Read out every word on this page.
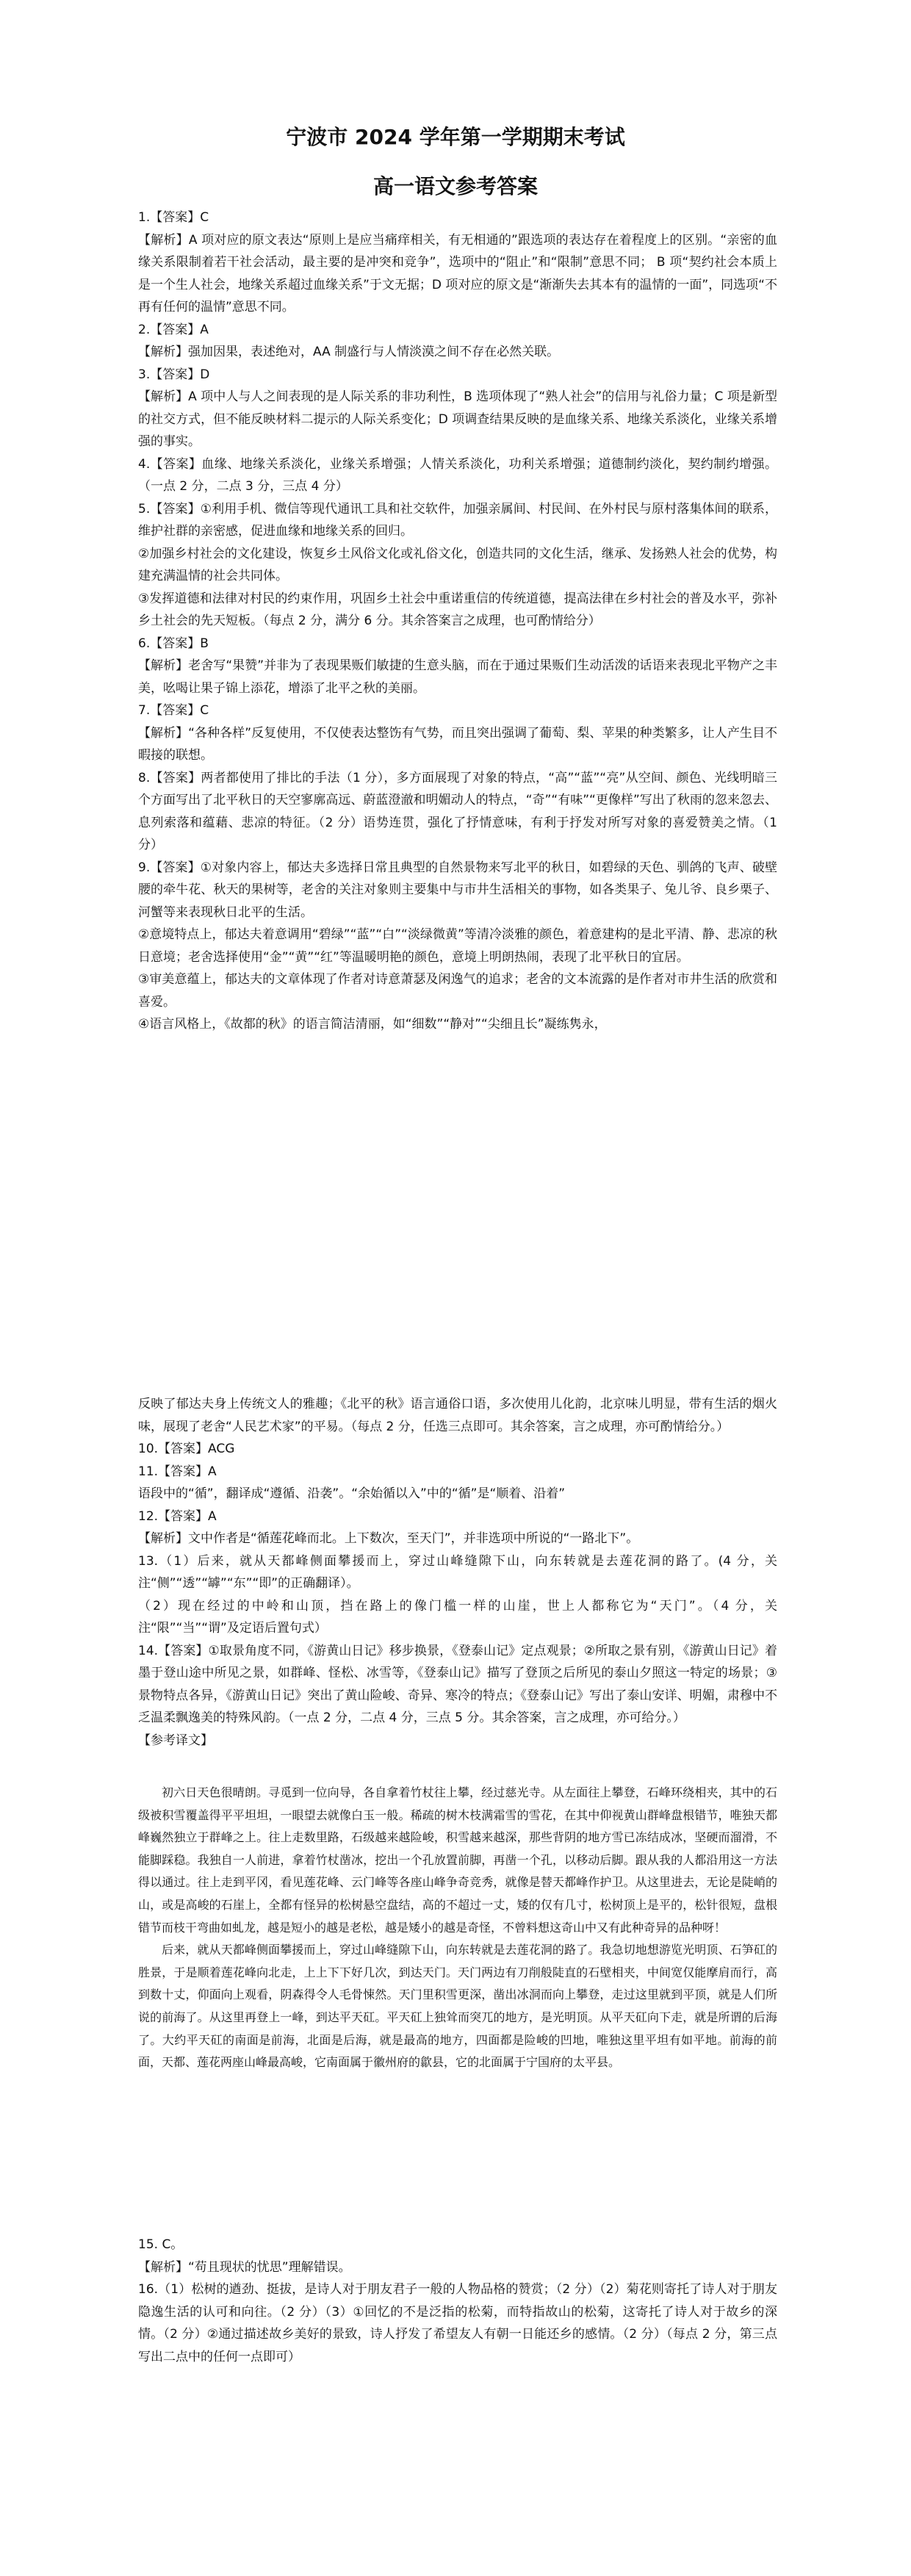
宁波市 2024 学年第一学期期末考试
高一语文参考答案

1.【答案】C

【解析】A 项对应的原文表达“原则上是应当痛痒相关，有无相通的”跟选项的表达存在着程度上的区别。“亲密的血缘关系限制着若干社会活动，最主要的是冲突和竞争”，选项中的“阻止”和“限制”意思不同； B 项“契约社会本质上是一个生人社会，地缘关系超过血缘关系”于文无据；D 项对应的原文是“渐渐失去其本有的温情的一面”，同选项“不再有任何的温情”意思不同。

2.【答案】A

【解析】强加因果，表述绝对，AA 制盛行与人情淡漠之间不存在必然关联。

3.【答案】D

【解析】A 项中人与人之间表现的是人际关系的非功利性，B 选项体现了“熟人社会”的信用与礼俗力量；C 项是新型的社交方式，但不能反映材料二提示的人际关系变化；D 项调查结果反映的是血缘关系、地缘关系淡化，业缘关系增强的事实。

4.【答案】血缘、地缘关系淡化，业缘关系增强；人情关系淡化，功利关系增强；道德制约淡化，契约制约增强。（一点 2 分，二点 3 分，三点 4 分）

5.【答案】①利用手机、微信等现代通讯工具和社交软件，加强亲属间、村民间、在外村民与原村落集体间的联系，维护社群的亲密感，促进血缘和地缘关系的回归。

②加强乡村社会的文化建设，恢复乡土风俗文化或礼俗文化，创造共同的文化生活，继承、发扬熟人社会的优势，构建充满温情的社会共同体。

③发挥道德和法律对村民的约束作用，巩固乡土社会中重诺重信的传统道德，提高法律在乡村社会的普及水平，弥补乡土社会的先天短板。（每点 2 分，满分 6 分。其余答案言之成理，也可酌情给分）

6.【答案】B

【解析】老舍写“果赞”并非为了表现果贩们敏捷的生意头脑，而在于通过果贩们生动活泼的话语来表现北平物产之丰美，吆喝让果子锦上添花，增添了北平之秋的美丽。

7.【答案】C

【解析】“各种各样”反复使用，不仅使表达整饬有气势，而且突出强调了葡萄、梨、苹果的种类繁多，让人产生目不暇接的联想。

8.【答案】两者都使用了排比的手法（1 分），多方面展现了对象的特点，“高”“蓝”“亮”从空间、颜色、光线明暗三个方面写出了北平秋日的天空寥廓高远、蔚蓝澄澈和明媚动人的特点，“奇”“有味”“更像样”写出了秋雨的忽来忽去、息列索落和蕴藉、悲凉的特征。（2 分）语势连贯，强化了抒情意味，有利于抒发对所写对象的喜爱赞美之情。（1 分）

9.【答案】①对象内容上，郁达夫多选择日常且典型的自然景物来写北平的秋日，如碧绿的天色、驯鸽的飞声、破壁腰的牵牛花、秋天的果树等，老舍的关注对象则主要集中与市井生活相关的事物，如各类果子、兔儿爷、良乡栗子、河蟹等来表现秋日北平的生活。

②意境特点上，郁达夫着意调用“碧绿”“蓝”“白”“淡绿微黄”等清冷淡雅的颜色，着意建构的是北平清、静、悲凉的秋日意境；老舍选择使用“金”“黄”“红”等温暖明艳的颜色，意境上明朗热闹，表现了北平秋日的宜居。

③审美意蕴上，郁达夫的文章体现了作者对诗意萧瑟及闲逸气的追求；老舍的文本流露的是作者对市井生活的欣赏和喜爱。

④语言风格上，《故都的秋》的语言简洁清丽，如“细数”“静对”“尖细且长”凝练隽永，

反映了郁达夫身上传统文人的雅趣；《北平的秋》语言通俗口语，多次使用儿化韵，北京味儿明显，带有生活的烟火味，展现了老舍“人民艺术家”的平易。（每点 2 分，任选三点即可。其余答案，言之成理，亦可酌情给分。）

10.【答案】ACG

11.【答案】A

语段中的“循”，翻译成“遵循、沿袭”。“余始循以入”中的“循”是“顺着、沿着”

12.【答案】A

【解析】文中作者是“循莲花峰而北。上下数次，至天门”，并非选项中所说的“一路北下”。

13.（1）后来，就从天都峰侧面攀援而上，穿过山峰缝隙下山，向东转就是去莲花洞的路了。(4 分，关注“侧”“透”“罅”“东”“即”的正确翻译）。

（2）现在经过的中岭和山顶，挡在路上的像门槛一样的山崖，世上人都称它为“天门”。（4 分，关注“限”“当”“谓”及定语后置句式）

14.【答案】①取景角度不同，《游黄山日记》移步换景，《登泰山记》定点观景；②所取之景有别，《游黄山日记》着墨于登山途中所见之景，如群峰、怪松、冰雪等，《登泰山记》描写了登顶之后所见的泰山夕照这一特定的场景；③景物特点各异，《游黄山日记》突出了黄山险峻、奇异、寒冷的特点；《登泰山记》写出了泰山安详、明媚，肃穆中不乏温柔飘逸美的特殊风韵。（一点 2 分，二点 4 分，三点 5 分。其余答案，言之成理，亦可给分。）

【参考译文】

初六日天色很晴朗。寻觅到一位向导，各自拿着竹杖往上攀，经过慈光寺。从左面往上攀登，石峰环绕相夹，其中的石级被积雪覆盖得平平坦坦，一眼望去就像白玉一般。稀疏的树木枝满霜雪的雪花，在其中仰视黄山群峰盘根错节，唯独天都峰巍然独立于群峰之上。往上走数里路，石级越来越险峻，积雪越来越深，那些背阴的地方雪已冻结成冰，坚硬而溜滑，不能脚踩稳。我独自一人前进，拿着竹杖凿冰，挖出一个孔放置前脚，再凿一个孔，以移动后脚。跟从我的人都沿用这一方法得以通过。往上走到平冈，看见莲花峰、云门峰等各座山峰争奇竞秀，就像是替天都峰作护卫。从这里进去，无论是陡峭的山，或是高峻的石崖上，全都有怪异的松树悬空盘结，高的不超过一丈，矮的仅有几寸，松树顶上是平的，松针很短，盘根错节而枝干弯曲如虬龙，越是短小的越是老松，越是矮小的越是奇怪，不曾料想这奇山中又有此种奇异的品种呀！

后来，就从天都峰侧面攀援而上，穿过山峰缝隙下山，向东转就是去莲花洞的路了。我急切地想游览光明顶、石笋矼的胜景，于是顺着莲花峰向北走，上上下下好几次，到达天门。天门两边有刀削般陡直的石壁相夹，中间宽仅能摩肩而行，高到数十丈，仰面向上观看，阴森得令人毛骨悚然。天门里积雪更深，凿出冰洞而向上攀登，走过这里就到平顶，就是人们所说的前海了。从这里再登上一峰，到达平天矼。平天矼上独耸而突兀的地方，是光明顶。从平天矼向下走，就是所谓的后海了。大约平天矼的南面是前海，北面是后海，就是最高的地方，四面都是险峻的凹地，唯独这里平坦有如平地。前海的前面，天都、莲花两座山峰最高峻，它南面属于徽州府的歙县，它的北面属于宁国府的太平县。

15. C。

【解析】“苟且现状的忧思”理解错误。

16.（1）松树的遒劲、挺拔，是诗人对于朋友君子一般的人物品格的赞赏；（2 分）（2）菊花则寄托了诗人对于朋友隐逸生活的认可和向往。（2 分）（3）①回忆的不是泛指的松菊，而特指故山的松菊，这寄托了诗人对于故乡的深情。（2 分）②通过描述故乡美好的景致，诗人抒发了希望友人有朝一日能还乡的感情。（2 分）（每点 2 分，第三点写出二点中的任何一点即可）
